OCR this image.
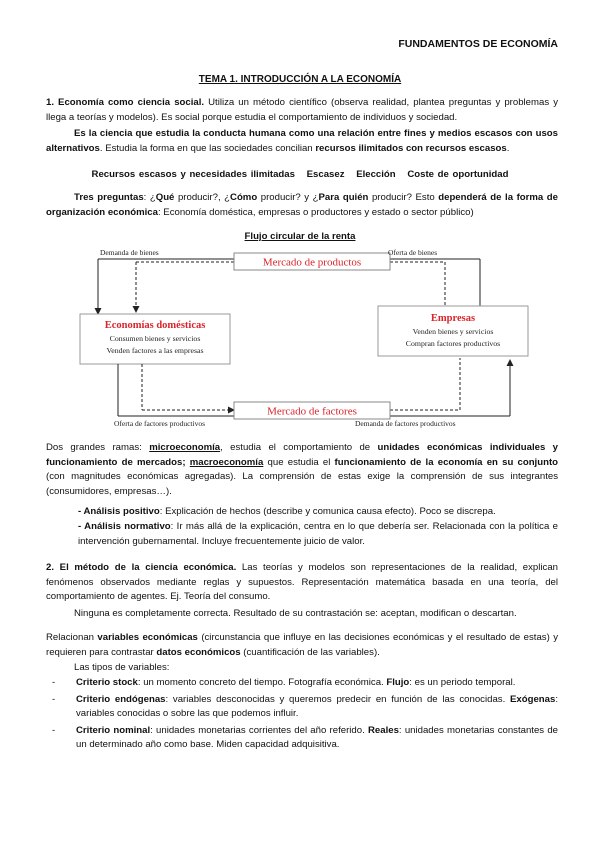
FUNDAMENTOS DE ECONOMÍA
TEMA 1. INTRODUCCIÓN A LA ECONOMÍA
1. Economía como ciencia social. Utiliza un método científico (observa realidad, plantea preguntas y problemas y llega a teorías y modelos). Es social porque estudia el comportamiento de individuos y sociedad.
Es la ciencia que estudia la conducta humana como una relación entre fines y medios escasos con usos alternativos. Estudia la forma en que las sociedades concilian recursos ilimitados con recursos escasos.
Recursos escasos y necesidades ilimitadas Escasez Elección Coste de oportunidad
Tres preguntas: ¿Qué producir?, ¿Cómo producir? y ¿Para quién producir? Esto dependerá de la forma de organización económica: Economía doméstica, empresas o productores y estado o sector público)
Flujo circular de la renta
Mercado de productos
Demanda de bienes	Oferta de bienes
Economías domésticas
Consumen bienes y servicios
Venden factores a las empresas
Empresas
Venden bienes y servicios
Compran factores productivos
Mercado de factores
Oferta de factores productivos	Demanda de factores productivos
Dos grandes ramas: microeconomía, estudia el comportamiento de unidades económicas individuales y funcionamiento de mercados; macroeconomía que estudia el funcionamiento de la economía en su conjunto (con magnitudes económicas agregadas). La comprensión de estas exige la comprensión de sus integrantes (consumidores, empresas…).
- Análisis positivo: Explicación de hechos (describe y comunica causa efecto). Poco se discrepa.
- Análisis normativo: Ir más allá de la explicación, centra en lo que debería ser. Relacionada con la política e intervención gubernamental. Incluye frecuentemente juicio de valor.
2. El método de la ciencia económica. Las teorías y modelos son representaciones de la realidad, explican fenómenos observados mediante reglas y supuestos. Representación matemática basada en una teoría, del comportamiento de agentes. Ej. Teoría del consumo.
Ninguna es completamente correcta. Resultado de su contrastación se: aceptan, modifican o descartan.
Relacionan variables económicas (circunstancia que influye en las decisiones económicas y el resultado de estas) y requieren para contrastar datos económicos (cuantificación de las variables).
Las tipos de variables:
-	Criterio stock: un momento concreto del tiempo. Fotografía económica. Flujo: es un periodo temporal.
-	Criterio endógenas: variables desconocidas y queremos predecir en función de las conocidas. Exógenas: variables conocidas o sobre las que podemos influir.
-	Criterio nominal: unidades monetarias corrientes del año referido. Reales: unidades monetarias constantes de un determinado año como base. Miden capacidad adquisitiva.
